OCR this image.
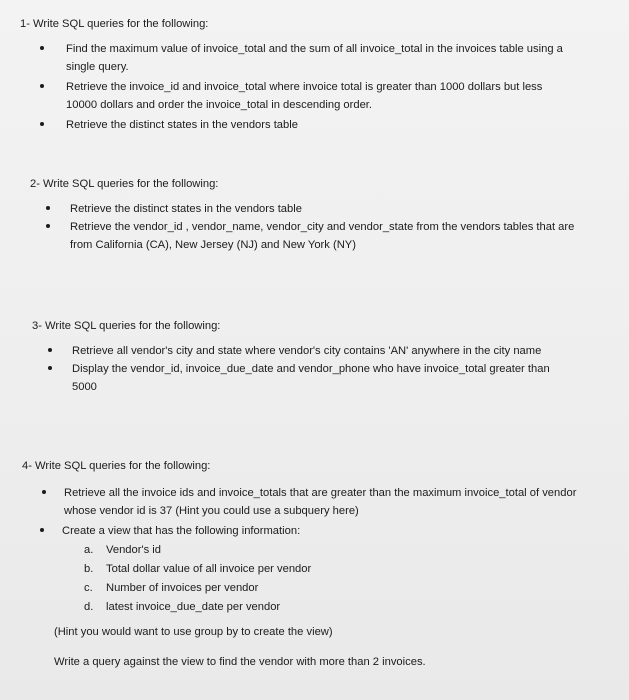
1- Write SQL queries for the following:
Find the maximum value of invoice_total and the sum of all invoice_total in the invoices table using a single query.
Retrieve the invoice_id and invoice_total where invoice total is greater than 1000 dollars but less 10000 dollars and order the invoice_total in descending order.
Retrieve the distinct states in the vendors table
2- Write SQL queries for the following:
Retrieve the distinct states in the vendors table
Retrieve the vendor_id , vendor_name, vendor_city and vendor_state from the vendors tables that are from California (CA), New Jersey (NJ) and New York (NY)
3- Write SQL queries for the following:
Retrieve all vendor's city and state where vendor's city contains 'AN' anywhere in the city name
Display the vendor_id, invoice_due_date and vendor_phone who have invoice_total greater than 5000
4- Write SQL queries for the following:
Retrieve all the invoice ids and invoice_totals that are greater than the maximum invoice_total of vendor whose vendor id is 37 (Hint you could use a subquery here)
Create a view that has the following information:
a. Vendor's id
b. Total dollar value of all invoice per vendor
c. Number of invoices per vendor
d. latest invoice_due_date per vendor
(Hint you would want to use group by to create the view)
Write a query against the view to find the vendor with more than 2 invoices.
